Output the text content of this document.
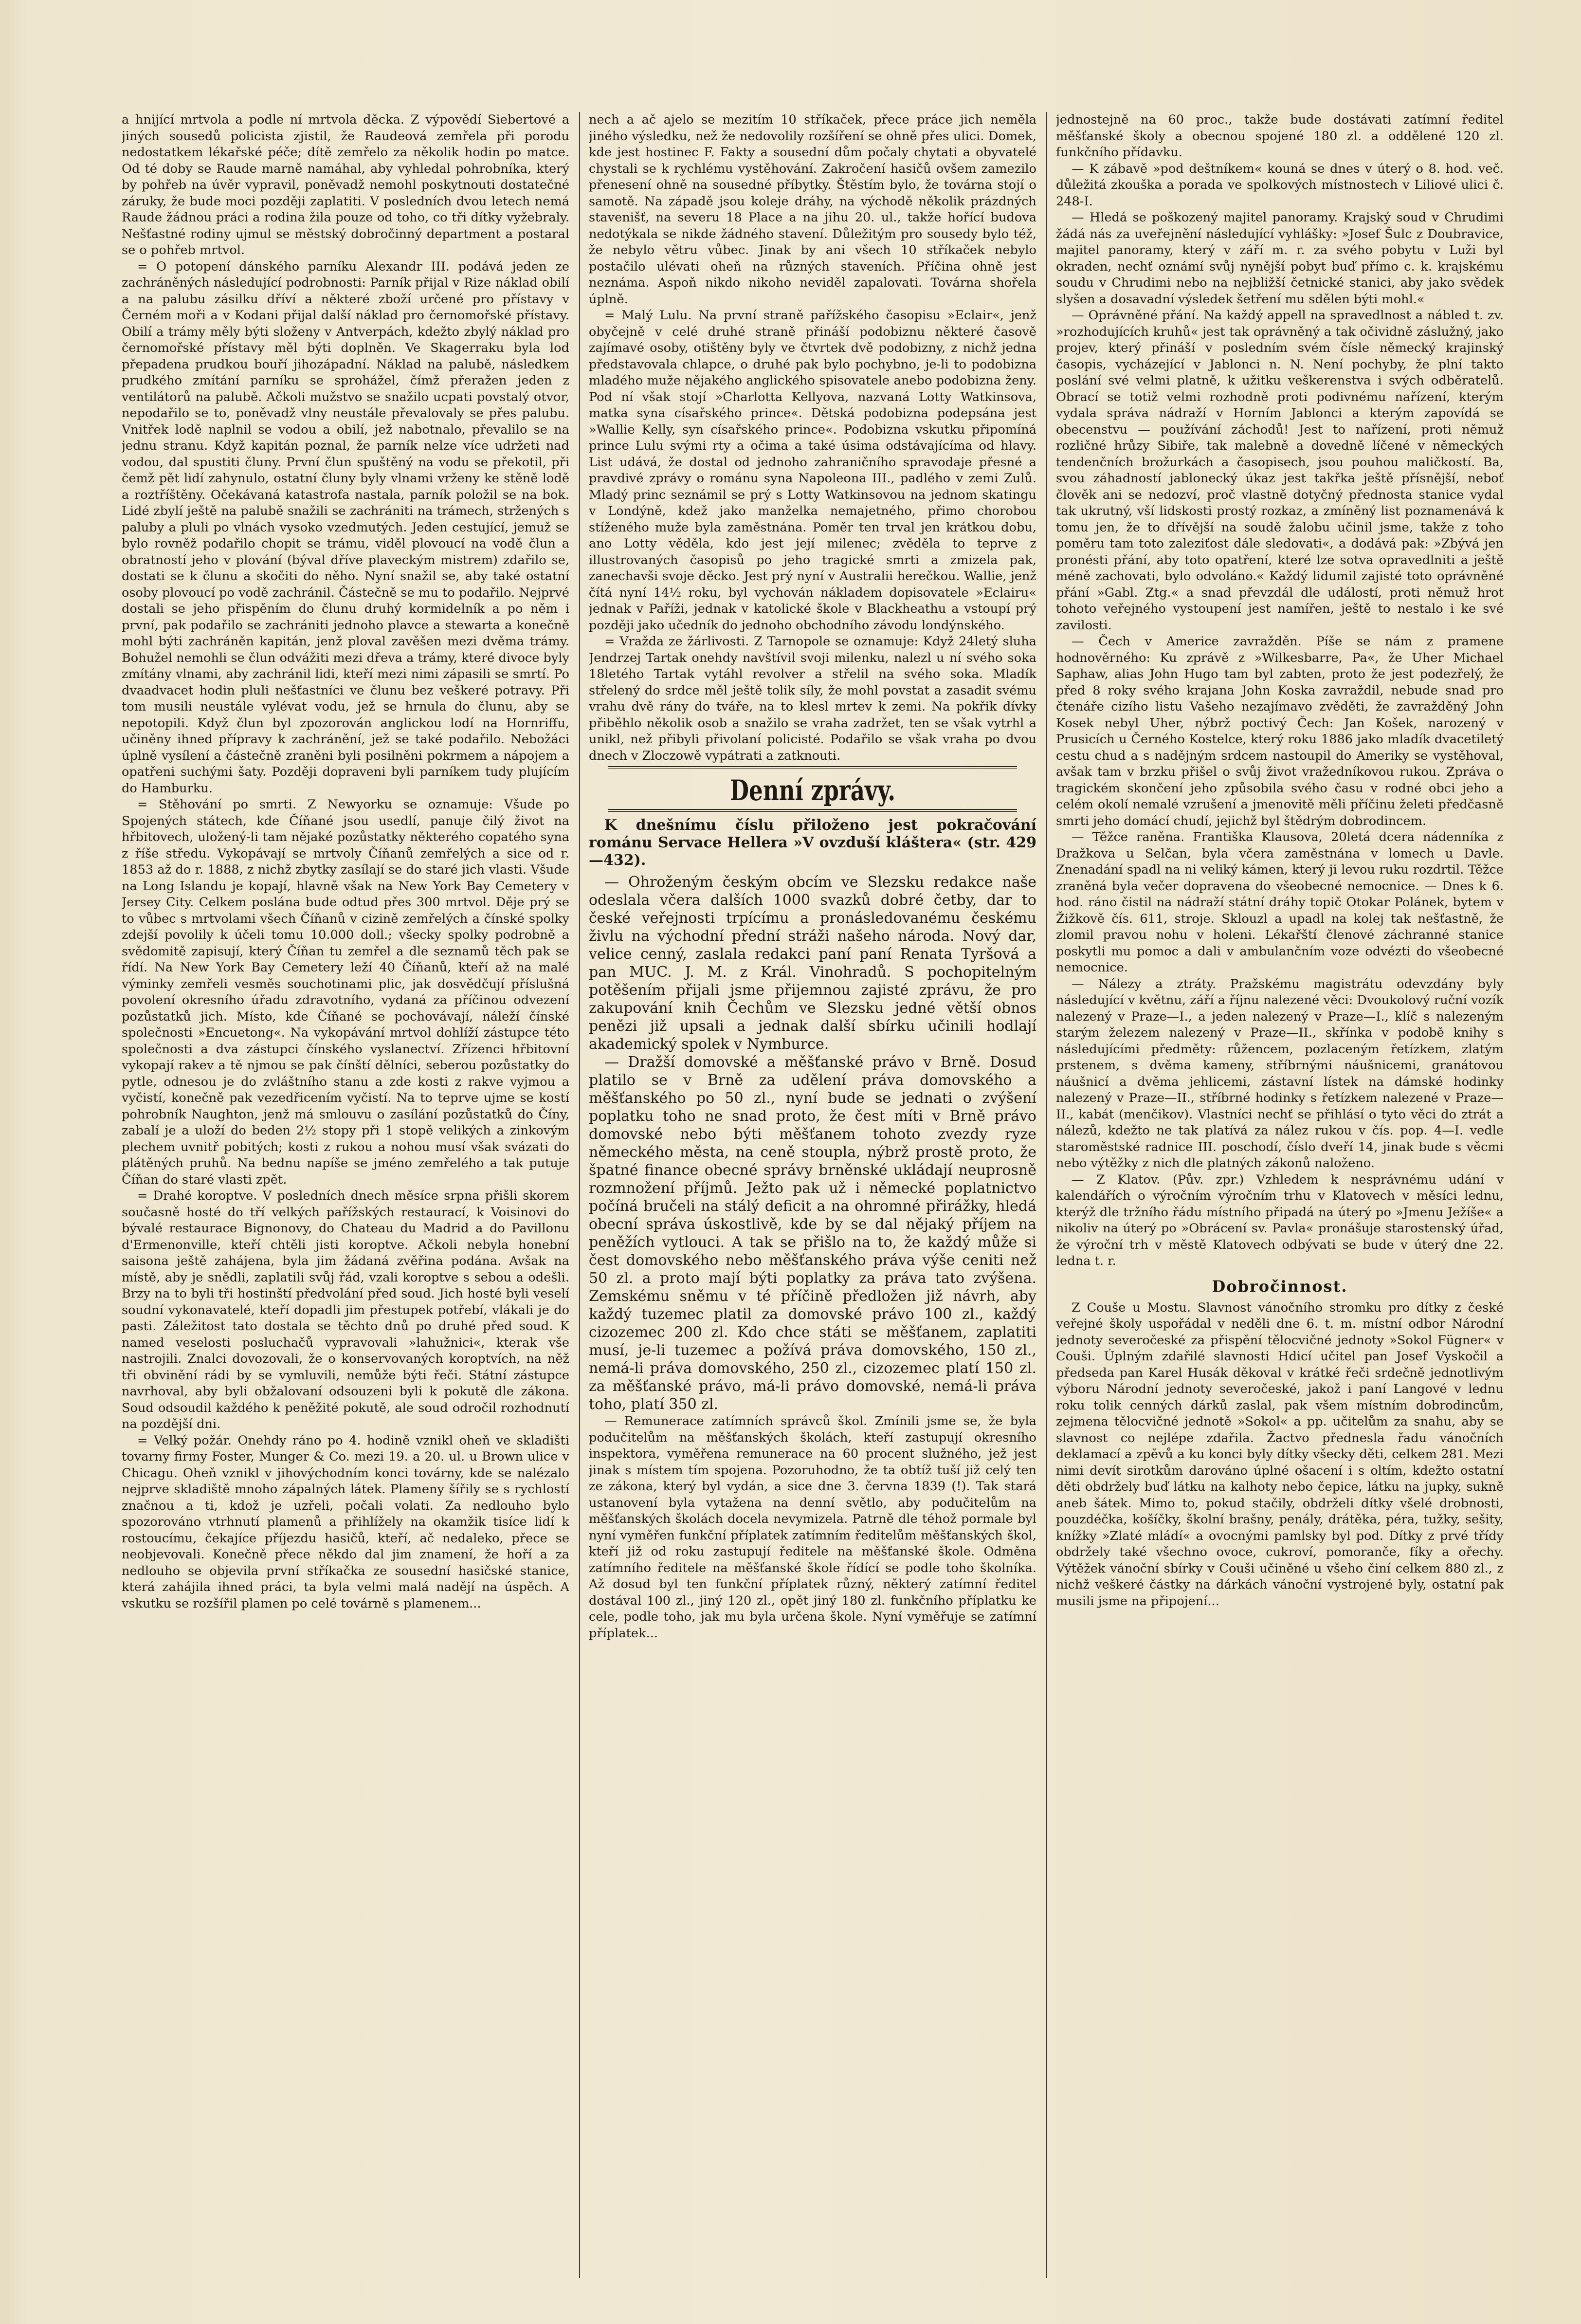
a hnijící mrtvola a podle ní mrtvola děcka. Z výpovědí Siebertové a jiných sousedů policista zjistil, že Raudeová zemřela při porodu nedostatkem lékařské péče; dítě zemřelo za několik hodin po matce. Od té doby se Raude marně namáhal, aby vyhledal pohrobníka, který by pohřeb na úvěr vypravil, poněvadž nemohl poskytnouti dostatečné záruky, že bude moci později zaplatiti. V posledních dvou letech nemá Raude žádnou práci a rodina žila pouze od toho, co tři dítky vyžebraly. Nešťastné rodiny ujmul se městský dobročinný department a postaral se o pohřeb mrtvol.

= O potopení dánského parníku Alexandr III. podává jeden ze zachráněných následující podrobnosti: Parník přijal v Rize náklad obilí a na palubu zásilku dříví a některé zboží určené pro přístavy v Černém moři a v Kodani přijal další náklad pro černomořské přístavy. Obilí a trámy měly býti složeny v Antverpách, kdežto zbylý náklad pro černomořské přístavy měl býti doplněn. Ve Skagerraku byla loď přepadena prudkou bouří jihozápadní. Náklad na palubě, následkem prudkého zmítání parníku se sprohážel, čímž přeražen jeden z ventilátorů na palubě. Ačkoli mužstvo se snažilo ucpati povstalý otvor, nepodařilo se to, poněvadž vlny neustále převalovaly se přes palubu. Vnitřek lodě naplnil se vodou a obilí, jež nabotnalo, převalilo se na jednu stranu. Když kapitán poznal, že parník nelze více udržeti nad vodou, dal spustiti čluny. První člun spuštěný na vodu se překotil, při čemž pět lidí zahynulo, ostatní čluny byly vlnami vrženy ke stěně lodě a roztříštěny. Očekávaná katastrofa nastala, parník položil se na bok. Lidé zbylí ještě na palubě snažili se zachrániti na trámech, stržených s paluby a pluli po vlnách vysoko vzedmutých. Jeden cestující, jemuž se bylo rovněž podařilo chopit se trámu, viděl plovoucí na vodě člun a obratností jeho v plování (býval dříve plaveckým mistrem) zdařilo se, dostati se k člunu a skočiti do něho. Nyní snažil se, aby také ostatní osoby plovoucí po vodě zachránil. Částečně se mu to podařilo. Nejprvé dostali se jeho přispěním do člunu druhý kormidelník a po něm i první, pak podařilo se zachrániti jednoho plavce a stewarta a konečně mohl býti zachráněn kapitán, jenž ploval zavěšen mezi dvěma trámy. Bohužel nemohli se člun odvážiti mezi dřeva a trámy, které divoce byly zmítány vlnami, aby zachránil lidi, kteří mezi nimi zápasili se smrtí. Po dvaadvacet hodin pluli nešťastníci ve člunu bez veškeré potravy. Při tom musili neustále vylévat vodu, jež se hrnula do člunu, aby se nepotopili. Když člun byl zpozorován anglickou lodí na Hornriffu, učiněny ihned přípravy k zachránění, jež se také podařilo. Nebožáci úplně vysílení a částečně zraněni byli posilněni pokrmem a nápojem a opatřeni suchými šaty. Později dopraveni byli parníkem tudy plujícím do Hamburku.

= Stěhování po smrti. Z Newyorku se oznamuje: Všude po Spojených státech, kde Číňané jsou usedlí, panuje čilý život na hřbitovech, uložený-li tam nějaké pozůstatky některého copatého syna z říše středu. Vykopávají se mrtvoly Číňanů zemřelých a sice od r. 1853 až do r. 1888, z nichž zbytky zasílají se do staré jich vlasti. Všude na Long Islandu je kopají, hlavně však na New York Bay Cemetery v Jersey City. Celkem poslána bude odtud přes 300 mrtvol. Děje prý se to vůbec s mrtvolami všech Číňanů v cizině zemřelých a čínské spolky zdejší povolily k účeli tomu 10.000 doll.; všecky spolky podrobně a svědomitě zapisují, který Číňan tu zemřel a dle seznamů těch pak se řídí. Na New York Bay Cemetery leží 40 Číňanů, kteří až na malé výminky zemřeli vesměs souchotinami plic, jak dosvědčují příslušná povolení okresního úřadu zdravotního, vydaná za příčinou odvezení pozůstatků jich. Místo, kde Číňané se pochovávají, náleží čínské společnosti »Encuetong«. Na vykopávání mrtvol dohlíží zástupce této společnosti a dva zástupci čínského vyslanectví. Zřízenci hřbitovní vykopají rakev a tě njmou se pak čínští dělníci, seberou pozůstatky do pytle, odnesou je do zvláštního stanu a zde kosti z rakve vyjmou a vyčistí, konečně pak vezedřicením vyčistí. Na to teprve ujme se kostí pohrobník Naughton, jenž má smlouvu o zasílání pozůstatků do Číny, zabalí je a uloží do beden 2½ stopy při 1 stopě velikých a zinkovým plechem uvnitř pobitých; kosti z rukou a nohou musí však svázati do plátěných pruhů. Na bednu napíše se jméno zemřelého a tak putuje Číňan do staré vlasti zpět.

= Drahé koroptve. V posledních dnech měsíce srpna přišli skorem současně hosté do tří velkých pařížských restaurací, k Voisinovi do bývalé restaurace Bignonovy, do Chateau du Madrid a do Pavillonu d'Ermenonville, kteří chtěli jisti koroptve. Ačkoli nebyla honební saisona ještě zahájena, byla jim žádaná zvěřina podána. Avšak na místě, aby je snědli, zaplatili svůj řád, vzali koroptve s sebou a odešli. Brzy na to byli tři hostinští předvolání před soud. Jich hosté byli veselí soudní vykonavatelé, kteří dopadli jim přestupek potřebí, vlákali je do pasti. Záležitost tato dostala se těchto dnů po druhé před soud. K named veselosti posluchačů vypravovali »lahužnici«, kterak vše nastrojili. Znalci dovozovali, že o konservovaných koroptvích, na něž tři obvinění rádi by se vymluvili, nemůže býti řeči. Státní zástupce navrhoval, aby byli obžalovaní odsouzeni byli k pokutě dle zákona. Soud odsoudil každého k peněžité pokutě, ale soud odročil rozhodnutí na pozdější dni.

= Velký požár. Onehdy ráno po 4. hodině vznikl oheň ve skladišti tovarny firmy Foster, Munger & Co. mezi 19. a 20. ul. u Brown ulice v Chicagu. Oheň vznikl v jihovýchodním konci továrny, kde se nalézalo nejprve skladiště mnoho zápalných látek. Plameny šířily se s rychlostí značnou a ti, kdož je uzřeli, počali volati. Za nedlouho bylo spozorováno vtrhnutí plamenů a přihlížely na okamžik tisíce lidí k rostoucímu, čekajíce příjezdu hasičů, kteří, ač nedaleko, přece se neobjevovali. Konečně přece někdo dal jim znamení, že hoří a za nedlouho se objevila první stříkačka ze sousední hasičské stanice, která zahájila ihned práci, ta byla velmi malá nadějí na úspěch. A vskutku se rozšířil plamen po celé továrně s plamenem...

nech a ač ajelo se mezitím 10 stříkaček, přece práce jich neměla jiného výsledku, než že nedovolily rozšíření se ohně přes ulici. Domek, kde jest hostinec F. Fakty a sousední dům počaly chytati a obyvatelé chystali se k rychlému vystěhování. Zakročení hasičů ovšem zamezilo přenesení ohně na sousedné příbytky. Štěstím bylo, že továrna stojí o samotě. Na západě jsou koleje dráhy, na východě několik prázdných stavenišť, na severu 18 Place a na jihu 20. ul., takže hořící budova nedotýkala se nikde žádného stavení. Důležitým pro sousedy bylo též, že nebylo větru vůbec. Jinak by ani všech 10 stříkaček nebylo postačilo ulévati oheň na různých staveních. Příčina ohně jest neznáma. Aspoň nikdo nikoho neviděl zapalovati. Továrna shořela úplně.

= Malý Lulu. Na první straně pařížského časopisu »Eclair«, jenž obyčejně v celé druhé straně přináší podobiznu některé časově zajímavé osoby, otištěny byly ve čtvrtek dvě podobizny, z nichž jedna představovala chlapce, o druhé pak bylo pochybno, je-li to podobizna mladého muže nějakého anglického spisovatele anebo podobizna ženy. Pod ní však stojí »Charlotta Kellyova, nazvaná Lotty Watkinsova, matka syna císařského prince«. Dětská podobizna podepsána jest »Wallie Kelly, syn císařského prince«. Podobizna vskutku připomíná prince Lulu svými rty a očima a také úsima odstávajícíma od hlavy. List udává, že dostal od jednoho zahraničního spravodaje přesné a pravdivé zprávy o románu syna Napoleona III., padlého v zemi Zulů. Mladý princ seznámil se prý s Lotty Watkinsovou na jednom skatingu v Londýně, kdež jako manželka nemajetného, přimo chorobou stíženého muže byla zaměstnána. Poměr ten trval jen krátkou dobu, ano Lotty věděla, kdo jest její milenec; zvěděla to teprve z illustrovaných časopisů po jeho tragické smrti a zmizela pak, zanechavši svoje děcko. Jest prý nyní v Australii herečkou. Wallie, jenž čítá nyní 14½ roku, byl vychován nákladem dopisovatele »Eclairu« jednak v Paříži, jednak v katolické škole v Blackheathu a vstoupí prý později jako učedník do jednoho obchodního závodu londýnského.

= Vražda ze žárlivosti. Z Tarnopole se oznamuje: Když 24letý sluha Jendrzej Tartak onehdy navštívil svoji milenku, nalezl u ní svého soka 18letého Tartak vytáhl revolver a střelil na svého soka. Mladík střelený do srdce měl ještě tolik síly, že mohl povstat a zasadit svému vrahu dvě rány do tváře, na to klesl mrtev k zemi. Na pokřik dívky přiběhlo několik osob a snažilo se vraha zadržet, ten se však vytrhl a unikl, než přibyli přivolaní policisté. Podařilo se však vraha po dvou dnech v Zloczowě vypátrati a zatknouti.

Denní zprávy.

K dnešnímu číslu přiloženo jest pokračování románu Servace Hellera »V ovzduší kláštera« (str. 429—432).

— Ohroženým českým obcím ve Slezsku redakce naše odeslala včera dalších 1000 svazků dobré četby, dar to české veřejnosti trpícímu a pronásledovanému českému živlu na východní přední stráži našeho národa. Nový dar, velice cenný, zaslala redakci paní paní Renata Tyršová a pan MUC. J. M. z Král. Vinohradů. S pochopitelným potěšením přijali jsme přijemnou zajisté zprávu, že pro zakupování knih Čechům ve Slezsku jedné větší obnos penězi již upsali a jednak další sbírku učinili hodlají akademický spolek v Nymburce.

— Dražší domovské a měšťanské právo v Brně. Dosud platilo se v Brně za udělení práva domovského a měšťanského po 50 zl., nyní bude se jednati o zvýšení poplatku toho ne snad proto, že čest míti v Brně právo domovské nebo býti měšťanem tohoto zvezdy ryze německého města, na ceně stoupla, nýbrž prostě proto, že špatné finance obecné správy brněnské ukládají neuprosně rozmnožení příjmů. Ježto pak už i německé poplatnictvo počíná bručeli na stálý deficit a na ohromné přirážky, hledá obecní správa úskostlivě, kde by se dal nějaký příjem na peněžích vytlouci. A tak se přišlo na to, že každý může si čest domovského nebo měšťanského práva výše ceniti než 50 zl. a proto mají býti poplatky za práva tato zvýšena. Zemskému sněmu v té příčině předložen již návrh, aby každý tuzemec platil za domovské právo 100 zl., každý cizozemec 200 zl. Kdo chce státi se měšťanem, zaplatiti musí, je-li tuzemec a požívá práva domovského, 150 zl., nemá-li práva domovského, 250 zl., cizozemec platí 150 zl. za měšťanské právo, má-li právo domovské, nemá-li práva toho, platí 350 zl.

— Remunerace zatímních správců škol. Zmínili jsme se, že byla podučitelům na měšťanských školách, kteří zastupují okresního inspektora, vyměřena remunerace na 60 procent služného, jež jest jinak s místem tím spojena. Pozoruhodno, že ta obtíž tuší již celý ten ze zákona, který byl vydán, a sice dne 3. června 1839 (!). Tak stará ustanovení byla vytažena na denní světlo, aby podučitelům na měšťanských školách docela nevymizela. Patrně dle téhož pormale byl nyní vyměřen funkční příplatek zatímním ředitelům měšťanských škol, kteří již od roku zastupují ředitele na měšťanské škole. Odměna zatímního ředitele na měšťanské škole řídící se podle toho školníka. Až dosud byl ten funkční příplatek různý, některý zatímní ředitel dostával 100 zl., jiný 120 zl., opět jiný 180 zl. funkčního příplatku ke cele, podle toho, jak mu byla určena škole. Nyní vyměřuje se zatímní příplatek...

jednostejně na 60 proc., takže bude dostávati zatímní ředitel měšťanské školy a obecnou spojené 180 zl. a oddělené 120 zl. funkčního přídavku.

— K zábavě »pod deštníkem« kouná se dnes v úterý o 8. hod. več. důležitá zkouška a porada ve spolkových místnostech v Liliové ulici č. 248-I.

— Hledá se poškozený majitel panoramy. Krajský soud v Chrudimi žádá nás za uveřejnění následující vyhlášky: »Josef Šulc z Doubravice, majitel panoramy, který v září m. r. za svého pobytu v Luži byl okraden, nechť oznámí svůj nynější pobyt buď přímo c. k. krajskému soudu v Chrudimi nebo na nejbližší četnické stanici, aby jako svědek slyšen a dosavadní výsledek šetření mu sdělen býti mohl.«

— Oprávněné přání. Na každý appell na spravedlnost a nábled t. zv. »rozhodujících kruhů« jest tak oprávněný a tak očividně záslužný, jako projev, který přináší v posledním svém čísle německý krajinský časopis, vycházející v Jablonci n. N. Není pochyby, že plní takto poslání své velmi platně, k užitku veškerenstva i svých odběratelů. Obrací se totiž velmi rozhodně proti podivnému nařízení, kterým vydala správa nádraží v Horním Jablonci a kterým zapovídá se obecenstvu — používání záchodů! Jest to nařízení, proti němuž rozličné hrůzy Sibiře, tak malebně a dovedně líčené v německých tendenčních brožurkách a časopisech, jsou pouhou maličkostí. Ba, svou záhadností jablonecký úkaz jest takřka ještě přísnější, neboť člověk ani se nedozví, proč vlastně dotyčný přednosta stanice vydal tak ukrutný, vší lidskosti prostý rozkaz, a zmíněný list poznamenává k tomu jen, že to dřívější na soudě žalobu učinil jsme, takže z toho poměru tam toto zaleziťost dále sledovati«, a dodává pak: »Zbývá jen pronésti přání, aby toto opatření, které lze sotva opravedlniti a ještě méně zachovati, bylo odvoláno.« Každý lidumil zajisté toto oprávněné přání »Gabl. Ztg.« a snad převzdál dle událostí, proti němuž hrot tohoto veřejného vystoupení jest namířen, ještě to nestalo i ke své zavilosti.

— Čech v Americe zavražděn. Píše se nám z pramene hodnověrného: Ku zprávě z »Wilkesbarre, Pa«, že Uher Michael Saphaw, alias John Hugo tam byl zabten, proto že jest podezřelý, že před 8 roky svého krajana John Koska zavraždil, nebude snad pro čtenáře cizího listu Vašeho nezajímavo zvěděti, že zavražděný John Kosek nebyl Uher, nýbrž poctivý Čech: Jan Košek, narozený v Prusicích u Černého Kostelce, který roku 1886 jako mladík dvacetiletý cestu chud a s nadějným srdcem nastoupil do Ameriky se vystěhoval, avšak tam v brzku přišel o svůj život vražedníkovou rukou. Zpráva o tragickém skončení jeho způsobila svého času v rodné obci jeho a celém okolí nemalé vzrušení a jmenovitě měli příčinu želeti předčasně smrti jeho domácí chudí, jejichž byl štědrým dobrodincem.

— Těžce raněna. Františka Klausova, 20letá dcera nádenníka z Dražkova u Selčan, byla včera zaměstnána v lomech u Davle. Znenadání spadl na ni veliký kámen, který ji levou ruku rozdrtil. Těžce zraněná byla večer dopravena do všeobecné nemocnice. — Dnes k 6. hod. ráno čistil na nádraží státní dráhy topič Otokar Polánek, bytem v Žižkově čís. 611, stroje. Sklouzl a upadl na kolej tak nešťastně, že zlomil pravou nohu v holeni. Lékařští členové záchranné stanice poskytli mu pomoc a dali v ambulančním voze odvézti do všeobecné nemocnice.

— Nálezy a ztráty. Pražskému magistrátu odevzdány byly následující v květnu, září a říjnu nalezené věci: Dvoukolový ruční vozík nalezený v Praze—I., a jeden nalezený v Praze—I., klíč s nalezeným starým železem nalezený v Praze—II., skřínka v podobě knihy s následujícími předměty: růžencem, pozlaceným řetízkem, zlatým prstenem, s dvěma kameny, stříbrnými náušnicemi, granátovou náušnicí a dvěma jehlicemi, zástavní lístek na dámské hodinky nalezený v Praze—II., stříbrné hodinky s řetízkem nalezené v Praze—II., kabát (menčikov). Vlastníci nechť se přihlásí o tyto věci do ztrát a nálezů, kdežto ne tak platívá za nález rukou v čís. pop. 4—I. vedle staroměstské radnice III. poschodí, číslo dveří 14, jinak bude s věcmi nebo výtěžky z nich dle platných zákonů naloženo.

— Z Klatov. (Pův. zpr.) Vzhledem k nesprávnému udání v kalendářích o výročním výročním trhu v Klatovech v měsíci lednu, kterýž dle tržního řádu místního připadá na úterý po »Jmenu Ježíše« a nikoliv na úterý po »Obrácení sv. Pavla« pronášuje starostenský úřad, že výroční trh v městě Klatovech odbývati se bude v úterý dne 22. ledna t. r.

Dobročinnost.

Z Couše u Mostu. Slavnost vánočního stromku pro dítky z české veřejné školy uspořádal v neděli dne 6. t. m. místní odbor Národní jednoty severočeské za přispění tělocvičné jednoty »Sokol Fügner« v Couši. Úplným zdařilé slavnosti Hdicí učitel pan Josef Vyskočil a předseda pan Karel Husák děkoval v krátké řeči srdečně jednotlivým výboru Národní jednoty severočeské, jakož i paní Langové v lednu roku tolik cenných dárků zaslal, pak všem místním dobrodincům, zejmena tělocvičné jednotě »Sokol« a pp. učitelům za snahu, aby se slavnost co nejlépe zdařila. Žactvo přednesla řadu vánočních deklamací a zpěvů a ku konci byly dítky všecky děti, celkem 281. Mezi nimi devít sirotkům darováno úplné ošacení i s oltím, kdežto ostatní děti obdržely buď látku na kalhoty nebo čepice, látku na jupky, sukně aneb šátek. Mimo to, pokud stačily, obdrželi dítky všelé drobnosti, pouzdéčka, košíčky, školní brašny, penály, drátěka, péra, tužky, sešity, knížky »Zlaté mládí« a ovocnými pamlsky byl pod. Dítky z prvé třídy obdržely také všechno ovoce, cukroví, pomoranče, fíky a ořechy. Výtěžek vánoční sbírky v Couši učiněné u všeho činí celkem 880 zl., z nichž veškeré částky na dárkách vánoční vystrojené byly, ostatní pak musili jsme na připojení...
